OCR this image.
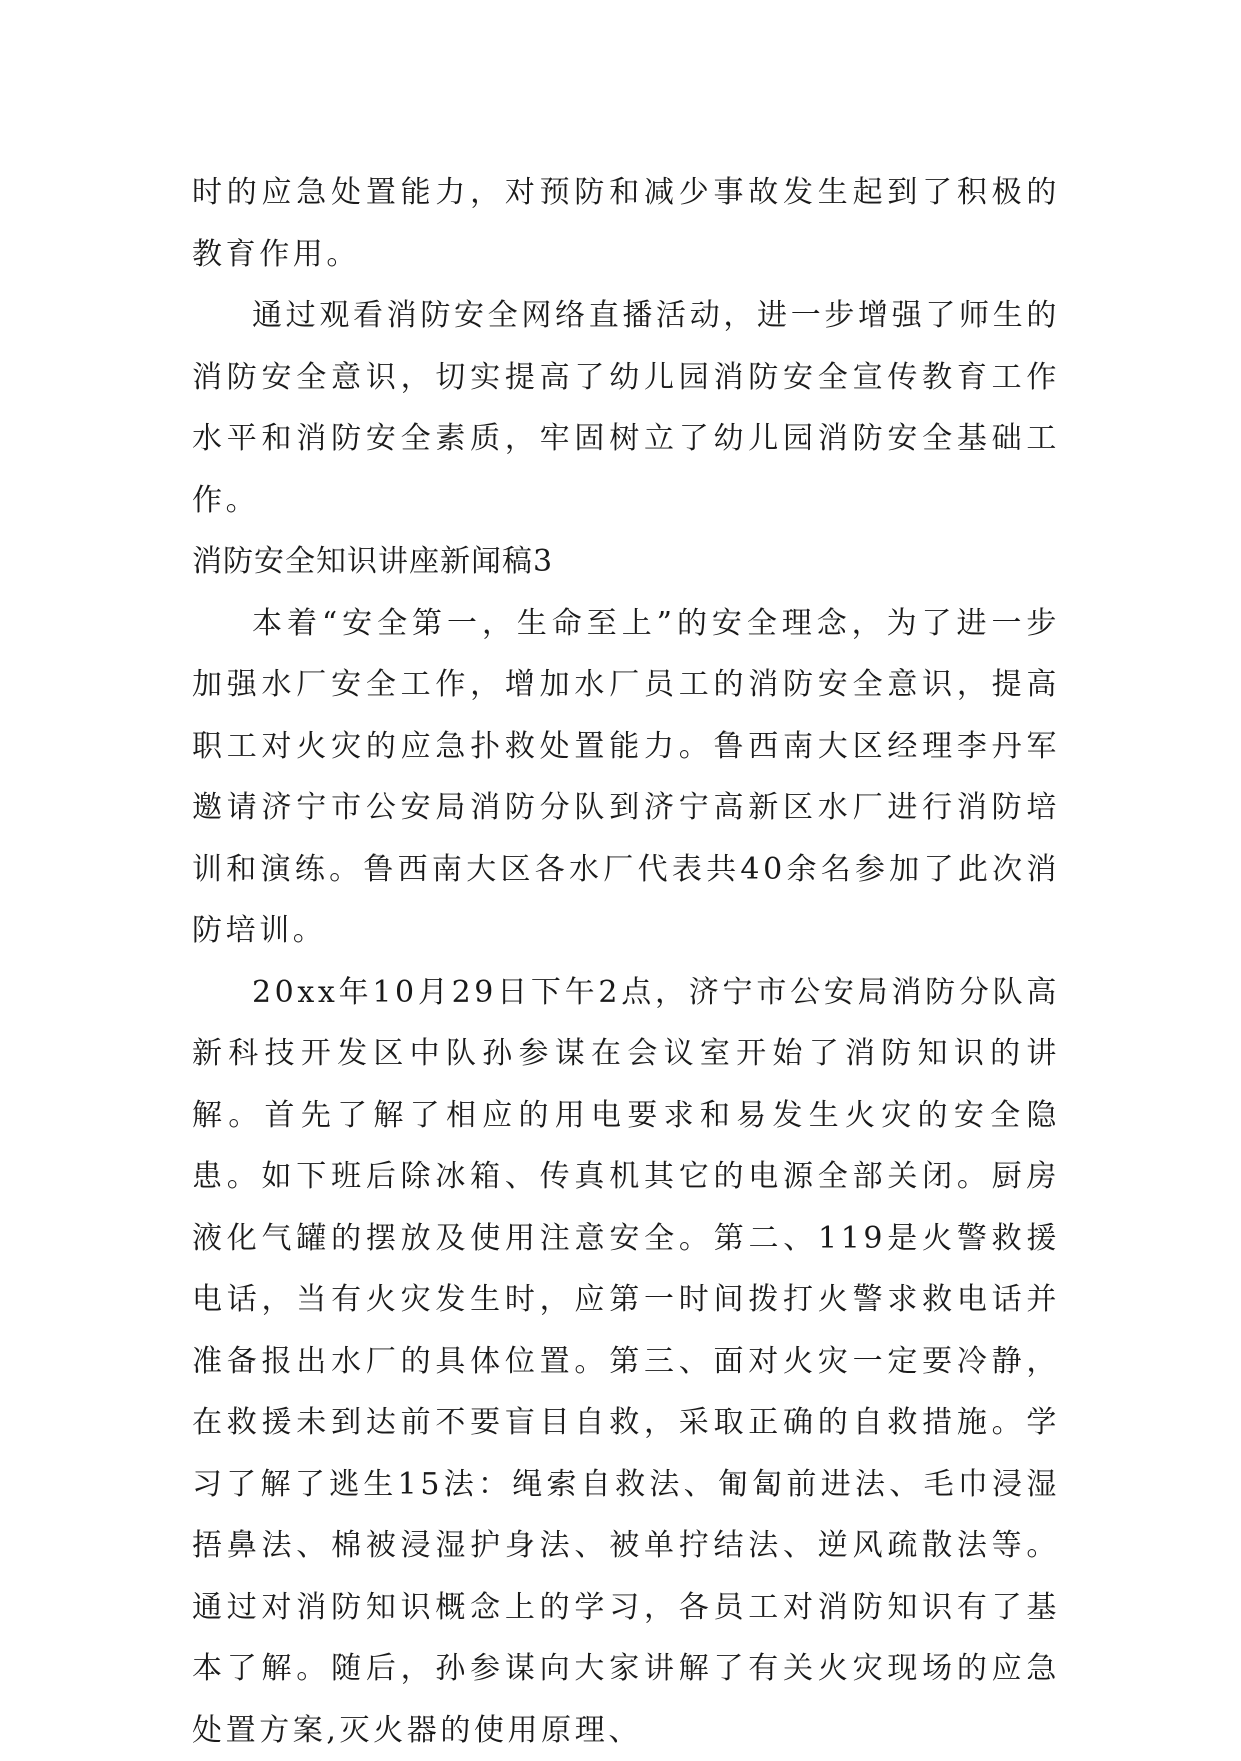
时的应急处置能力，对预防和减少事故发生起到了积极的教育作用。

通过观看消防安全网络直播活动，进一步增强了师生的消防安全意识，切实提高了幼儿园消防安全宣传教育工作水平和消防安全素质，牢固树立了幼儿园消防安全基础工作。

消防安全知识讲座新闻稿3

本着“安全第一，生命至上”的安全理念，为了进一步加强水厂安全工作，增加水厂员工的消防安全意识，提高职工对火灾的应急扑救处置能力。鲁西南大区经理李丹军邀请济宁市公安局消防分队到济宁高新区水厂进行消防培训和演练。鲁西南大区各水厂代表共40余名参加了此次消防培训。

20xx年10月29日下午2点，济宁市公安局消防分队高新科技开发区中队孙参谋在会议室开始了消防知识的讲解。首先了解了相应的用电要求和易发生火灾的安全隐患。如下班后除冰箱、传真机其它的电源全部关闭。厨房液化气罐的摆放及使用注意安全。第二、119是火警救援电话，当有火灾发生时，应第一时间拨打火警求救电话并准备报出水厂的具体位置。第三、面对火灾一定要冷静，在救援未到达前不要盲目自救，采取正确的自救措施。学习了解了逃生15法：绳索自救法、匍匐前进法、毛巾浸湿捂鼻法、棉被浸湿护身法、被单拧结法、逆风疏散法等。通过对消防知识概念上的学习，各员工对消防知识有了基本了解。随后，孙参谋向大家讲解了有关火灾现场的应急处置方案,灭火器的使用原理、
